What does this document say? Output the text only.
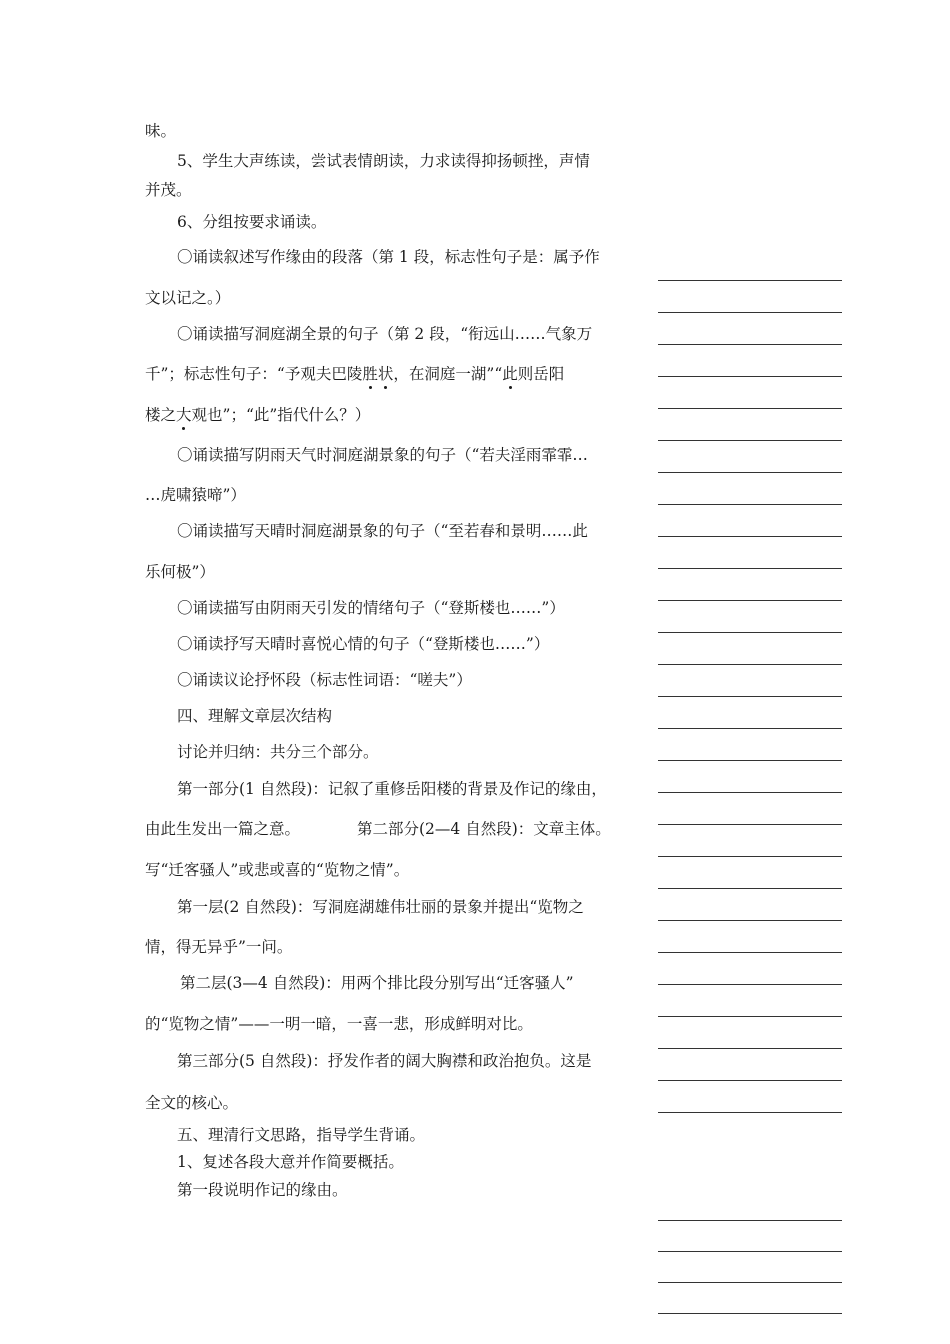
味。
5、学生大声练读，尝试表情朗读，力求读得抑扬顿挫，声情
并茂。
6、分组按要求诵读。
〇诵读叙述写作缘由的段落（第 1 段，标志性句子是：属予作
文以记之。）
〇诵读描写洞庭湖全景的句子（第 2 段，“衔远山……气象万
千”；标志性句子：“予观夫巴陵胜状，在洞庭一湖”“此则岳阳
楼之大观也”；“此”指代什么？）
〇诵读描写阴雨天气时洞庭湖景象的句子（“若夫淫雨霏霏…
…虎啸猿啼”）
〇诵读描写天晴时洞庭湖景象的句子（“至若春和景明……此
乐何极”）
〇诵读描写由阴雨天引发的情绪句子（“登斯楼也……”）
〇诵读抒写天晴时喜悦心情的句子（“登斯楼也……”）
〇诵读议论抒怀段（标志性词语：“嗟夫”）
四、理解文章层次结构
讨论并归纳：共分三个部分。
第一部分(1 自然段)：记叙了重修岳阳楼的背景及作记的缘由，
由此生发出一篇之意。	第二部分(2—4 自然段)：文章主体。
写“迁客骚人”或悲或喜的“览物之情”。
第一层(2 自然段)：写洞庭湖雄伟壮丽的景象并提出“览物之
情，得无异乎”一问。
第二层(3—4 自然段)：用两个排比段分别写出“迁客骚人”
的“览物之情”——一明一暗，一喜一悲，形成鲜明对比。
第三部分(5 自然段)：抒发作者的阔大胸襟和政治抱负。这是
全文的核心。
五、理清行文思路，指导学生背诵。
1、复述各段大意并作简要概括。
第一段说明作记的缘由。
